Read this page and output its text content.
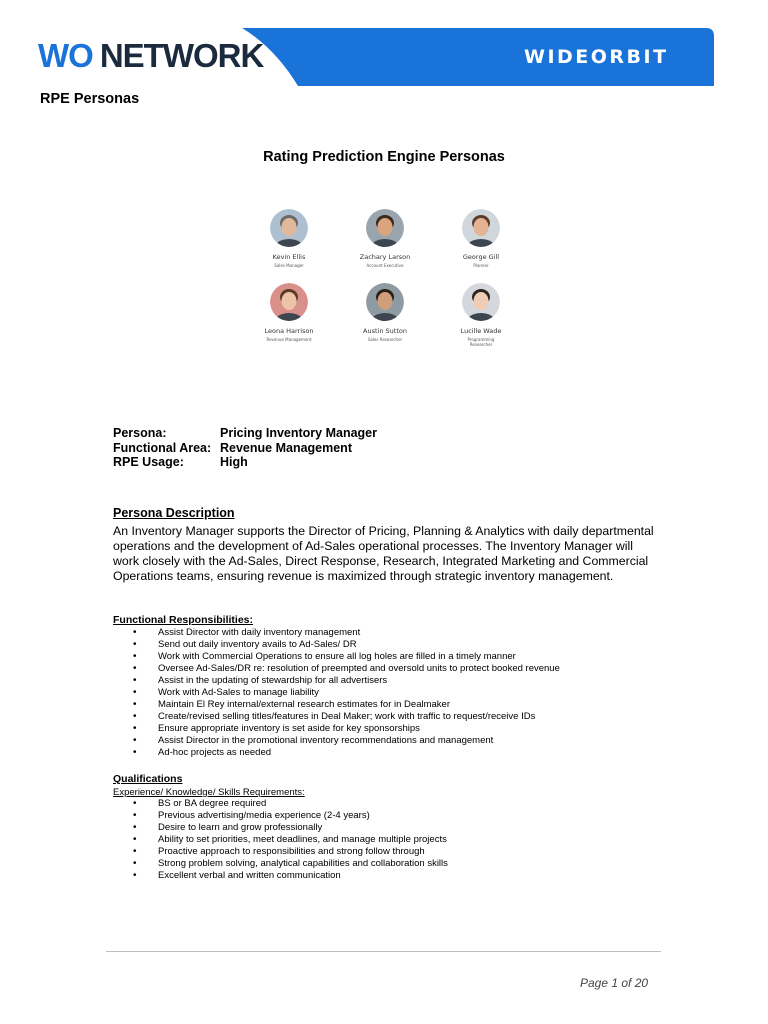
WO NETWORK	WIDEORBIT
RPE Personas
Rating Prediction Engine Personas
Kevin Ellis
Sales Manager
Zachary Larson
Account Executive
George Gill
Planner
Leona Harrison
Revenue Management
Austin Sutton
Sales Researcher
Lucille Wade
Programming Researcher
Persona:	Pricing Inventory Manager
Functional Area: Revenue Management
RPE Usage:	High
Persona Description
An Inventory Manager supports the Director of Pricing, Planning & Analytics with daily departmental operations and the development of Ad-Sales operational processes. The Inventory Manager will work closely with the Ad-Sales, Direct Response, Research, Integrated Marketing and Commercial Operations teams, ensuring revenue is maximized through strategic inventory management.
Functional Responsibilities:
• Assist Director with daily inventory management
• Send out daily inventory avails to Ad-Sales/ DR
• Work with Commercial Operations to ensure all log holes are filled in a timely manner
• Oversee Ad-Sales/DR re: resolution of preempted and oversold units to protect booked revenue
• Assist in the updating of stewardship for all advertisers
• Work with Ad-Sales to manage liability
• Maintain El Rey internal/external research estimates for in Dealmaker
• Create/revised selling titles/features in Deal Maker; work with traffic to request/receive IDs
• Ensure appropriate inventory is set aside for key sponsorships
• Assist Director in the promotional inventory recommendations and management
• Ad-hoc projects as needed
Qualifications
Experience/ Knowledge/ Skills Requirements:
• BS or BA degree required
• Previous advertising/media experience (2-4 years)
• Desire to learn and grow professionally
• Ability to set priorities, meet deadlines, and manage multiple projects
• Proactive approach to responsibilities and strong follow through
• Strong problem solving, analytical capabilities and collaboration skills
• Excellent verbal and written communication
Page 1 of 20
